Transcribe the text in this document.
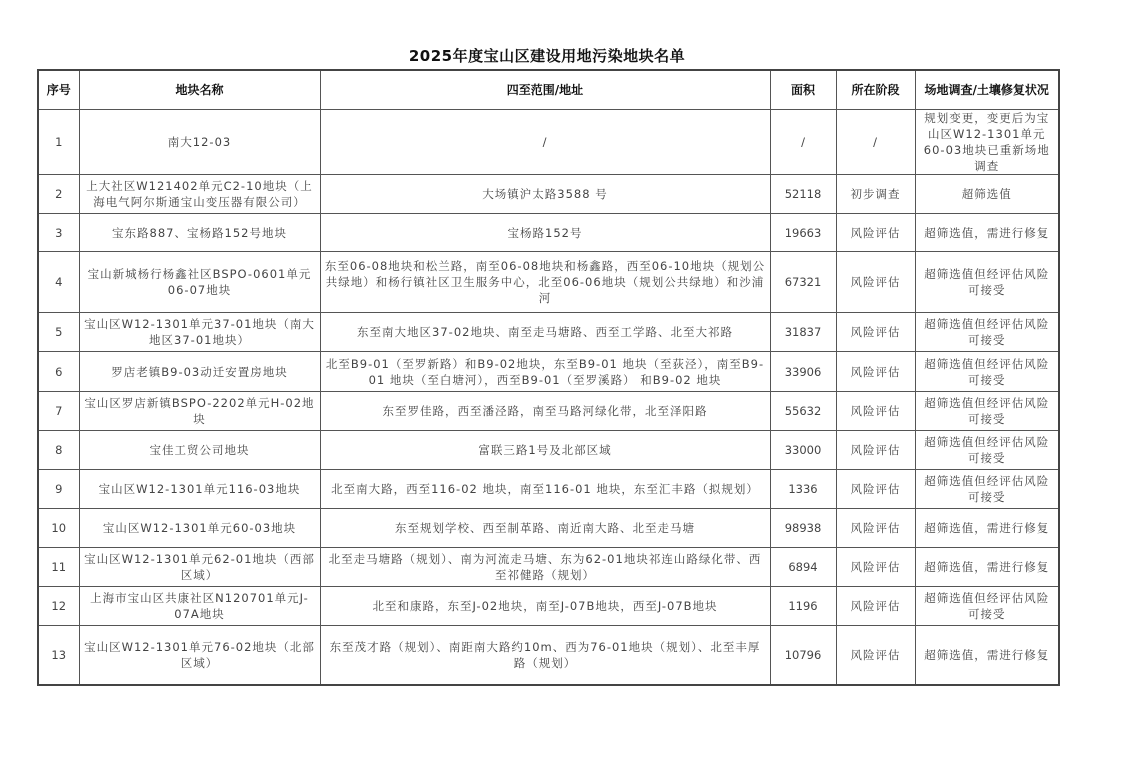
2025年度宝山区建设用地污染地块名单
序号	地块名称	四至范围/地址	面积	所在阶段	场地调查/土壤修复状况
1	南大12-03	/	/	/	规划变更，变更后为宝山区W12-1301单元60-03地块已重新场地调查
2	上大社区W121402单元C2-10地块（上海电气阿尔斯通宝山变压器有限公司）	大场镇沪太路3588 号	52118	初步调查	超筛选值
3	宝东路887、宝杨路152号地块	宝杨路152号	19663	风险评估	超筛选值，需进行修复
4	宝山新城杨行杨鑫社区BSPO-0601单元06-07地块	东至06-08地块和松兰路，南至06-08地块和杨鑫路，西至06-10地块（规划公共绿地）和杨行镇社区卫生服务中心，北至06-06地块（规划公共绿地）和沙浦河	67321	风险评估	超筛选值但经评估风险可接受
5	宝山区W12-1301单元37-01地块（南大地区37-01地块）	东至南大地区37-02地块、南至走马塘路、西至工学路、北至大祁路	31837	风险评估	超筛选值但经评估风险可接受
6	罗店老镇B9-03动迁安置房地块	北至B9-01（至罗新路）和B9-02地块，东至B9-01 地块（至荻泾），南至B9-01 地块（至白塘河），西至B9-01（至罗溪路） 和B9-02 地块	33906	风险评估	超筛选值但经评估风险可接受
7	宝山区罗店新镇BSPO-2202单元H-02地块	东至罗佳路，西至潘泾路，南至马路河绿化带，北至泽阳路	55632	风险评估	超筛选值但经评估风险可接受
8	宝佳工贸公司地块	富联三路1号及北部区域	33000	风险评估	超筛选值但经评估风险可接受
9	宝山区W12-1301单元116-03地块	北至南大路，西至116-02 地块，南至116-01 地块，东至汇丰路（拟规划）	1336	风险评估	超筛选值但经评估风险可接受
10	宝山区W12-1301单元60-03地块	东至规划学校、西至制革路、南近南大路、北至走马塘	98938	风险评估	超筛选值，需进行修复
11	宝山区W12-1301单元62-01地块（西部区域）	北至走马塘路（规划）、南为河流走马塘、东为62-01地块祁连山路绿化带、西至祁健路（规划）	6894	风险评估	超筛选值，需进行修复
12	上海市宝山区共康社区N120701单元J-07A地块	北至和康路，东至J-02地块，南至J-07B地块，西至J-07B地块	1196	风险评估	超筛选值但经评估风险可接受
13	宝山区W12-1301单元76-02地块（北部区域）	东至茂才路（规划）、南距南大路约10m、西为76-01地块（规划）、北至丰厚路（规划）	10796	风险评估	超筛选值，需进行修复
